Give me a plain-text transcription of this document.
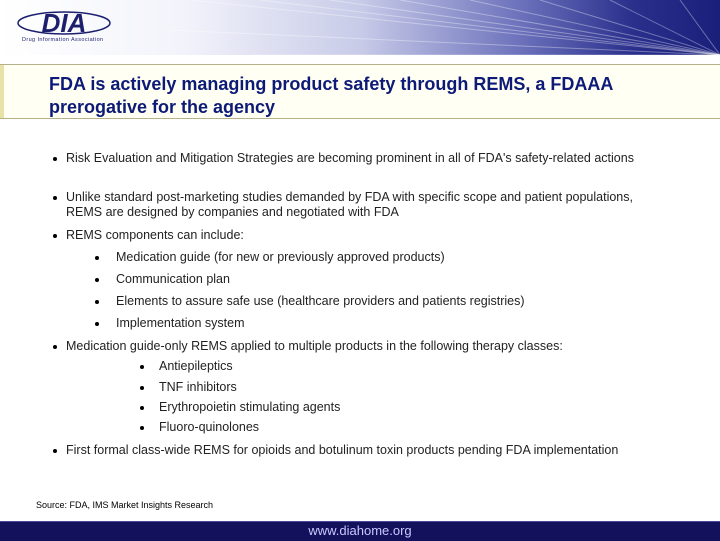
DIA
Drug Information Association
FDA is actively managing product safety through REMS, a FDAAA prerogative for the agency
Risk Evaluation and Mitigation Strategies are becoming prominent in all of FDA's safety-related actions
Unlike standard post-marketing studies demanded by FDA with specific scope and patient populations, REMS are designed by companies and negotiated with FDA
REMS components can include:
Medication guide (for new or previously approved products)
Communication plan
Elements to assure safe use (healthcare providers and patients registries)
Implementation system
Medication guide-only REMS applied to multiple products in the following therapy classes:
Antiepileptics
TNF inhibitors
Erythropoietin stimulating agents
Fluoro-quinolones
First formal class-wide REMS for opioids and botulinum toxin products pending FDA implementation
Source: FDA, IMS Market Insights Research
www.diahome.org
